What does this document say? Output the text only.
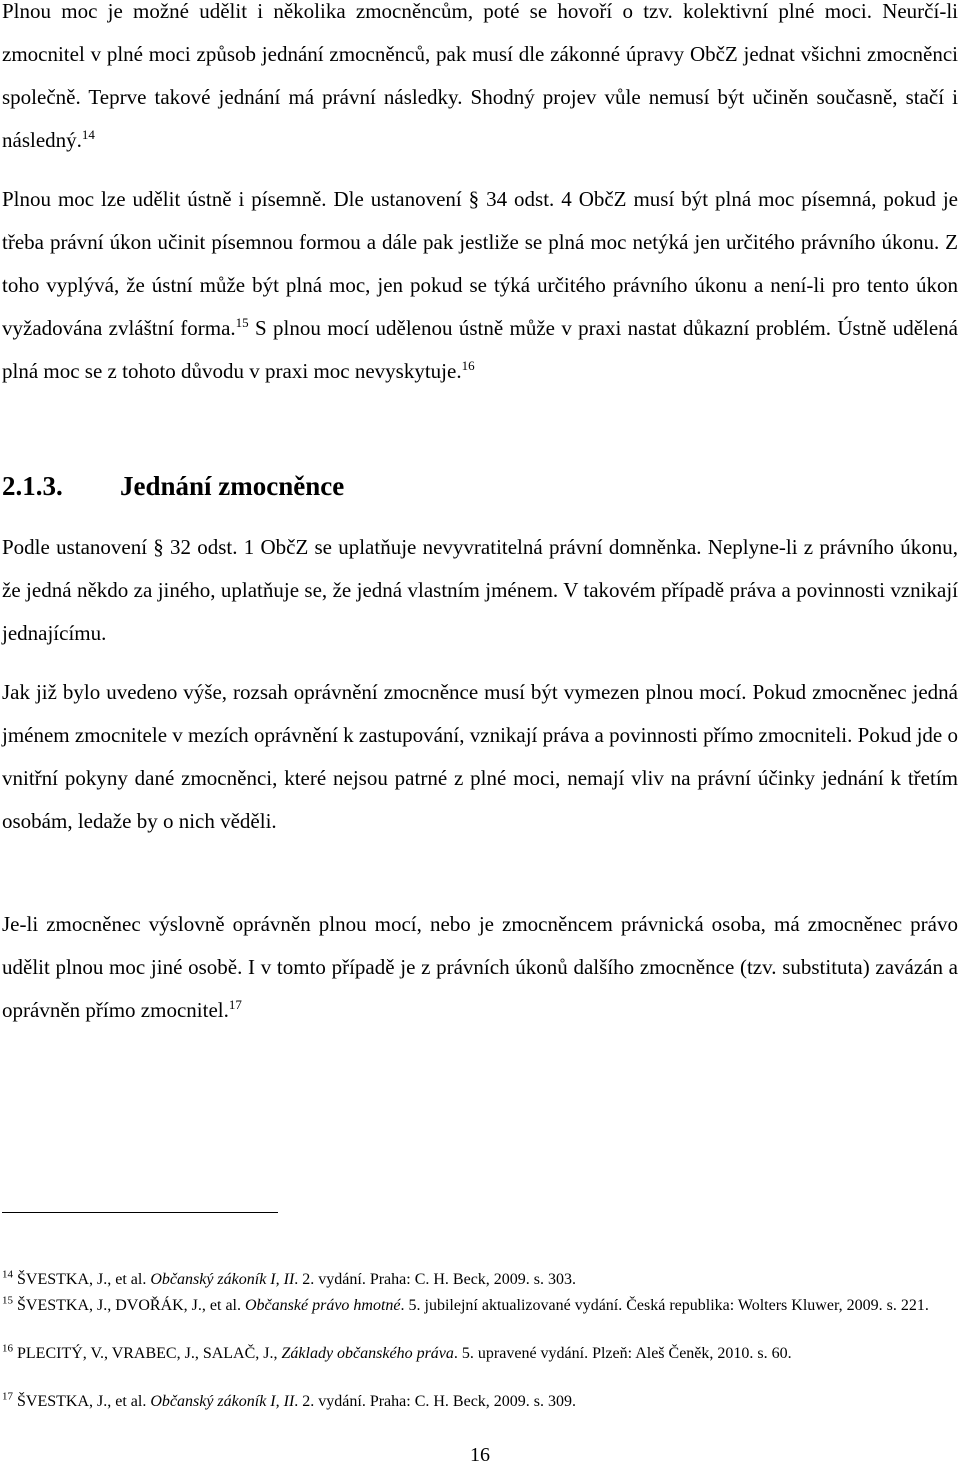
Plnou moc je možné udělit i několika zmocněncům, poté se hovoří o tzv. kolektivní plné moci. Neurčí-li zmocnitel v plné moci způsob jednání zmocněnců, pak musí dle zákonné úpravy ObčZ jednat všichni zmocněnci společně. Teprve takové jednání má právní následky. Shodný projev vůle nemusí být učiněn současně, stačí i následný.$^{14}$

Plnou moc lze udělit ústně i písemně. Dle ustanovení § 34 odst. 4 ObčZ musí být plná moc písemná, pokud je třeba právní úkon učinit písemnou formou a dále pak jestliže se plná moc netýká jen určitého právního úkonu. Z toho vyplývá, že ústní může být plná moc, jen pokud se týká určitého právního úkonu a není-li pro tento úkon vyžadována zvláštní forma.$^{15}$ S plnou mocí udělenou ústně může v praxi nastat důkazní problém. Ústně udělená plná moc se z tohoto důvodu v praxi moc nevyskytuje.$^{16}$

2.1.3. Jednání zmocněnce

Podle ustanovení § 32 odst. 1 ObčZ se uplatňuje nevyvratitelná právní domněnka. Neplyne-li z právního úkonu, že jedná někdo za jiného, uplatňuje se, že jedná vlastním jménem. V takovém případě práva a povinnosti vznikají jednajícímu.

Jak již bylo uvedeno výše, rozsah oprávnění zmocněnce musí být vymezen plnou mocí. Pokud zmocněnec jedná jménem zmocnitele v mezích oprávnění k zastupování, vznikají práva a povinnosti přímo zmocniteli. Pokud jde o vnitřní pokyny dané zmocněnci, které nejsou patrné z plné moci, nemají vliv na právní účinky jednání k třetím osobám, ledaže by o nich věděli.

Je-li zmocněnec výslovně oprávněn plnou mocí, nebo je zmocněncem právnická osoba, má zmocněnec právo udělit plnou moc jiné osobě. I v tomto případě je z právních úkonů dalšího zmocněnce (tzv. substituta) zavázán a oprávněn přímo zmocnitel.$^{17}$

$^{14}$ ŠVESTKA, J., et al. Občanský zákoník I, II. 2. vydání. Praha: C. H. Beck, 2009. s. 303.

$^{15}$ ŠVESTKA, J., DVOŘÁK, J., et al. Občanské právo hmotné. 5. jubilejní aktualizované vydání. Česká republika: Wolters Kluwer, 2009. s. 221.

$^{16}$ PLECITÝ, V., VRABEC, J., SALAČ, J., Základy občanského práva. 5. upravené vydání. Plzeň: Aleš Čeněk, 2010. s. 60.

$^{17}$ ŠVESTKA, J., et al. Občanský zákoník I, II. 2. vydání. Praha: C. H. Beck, 2009. s. 309.

16
